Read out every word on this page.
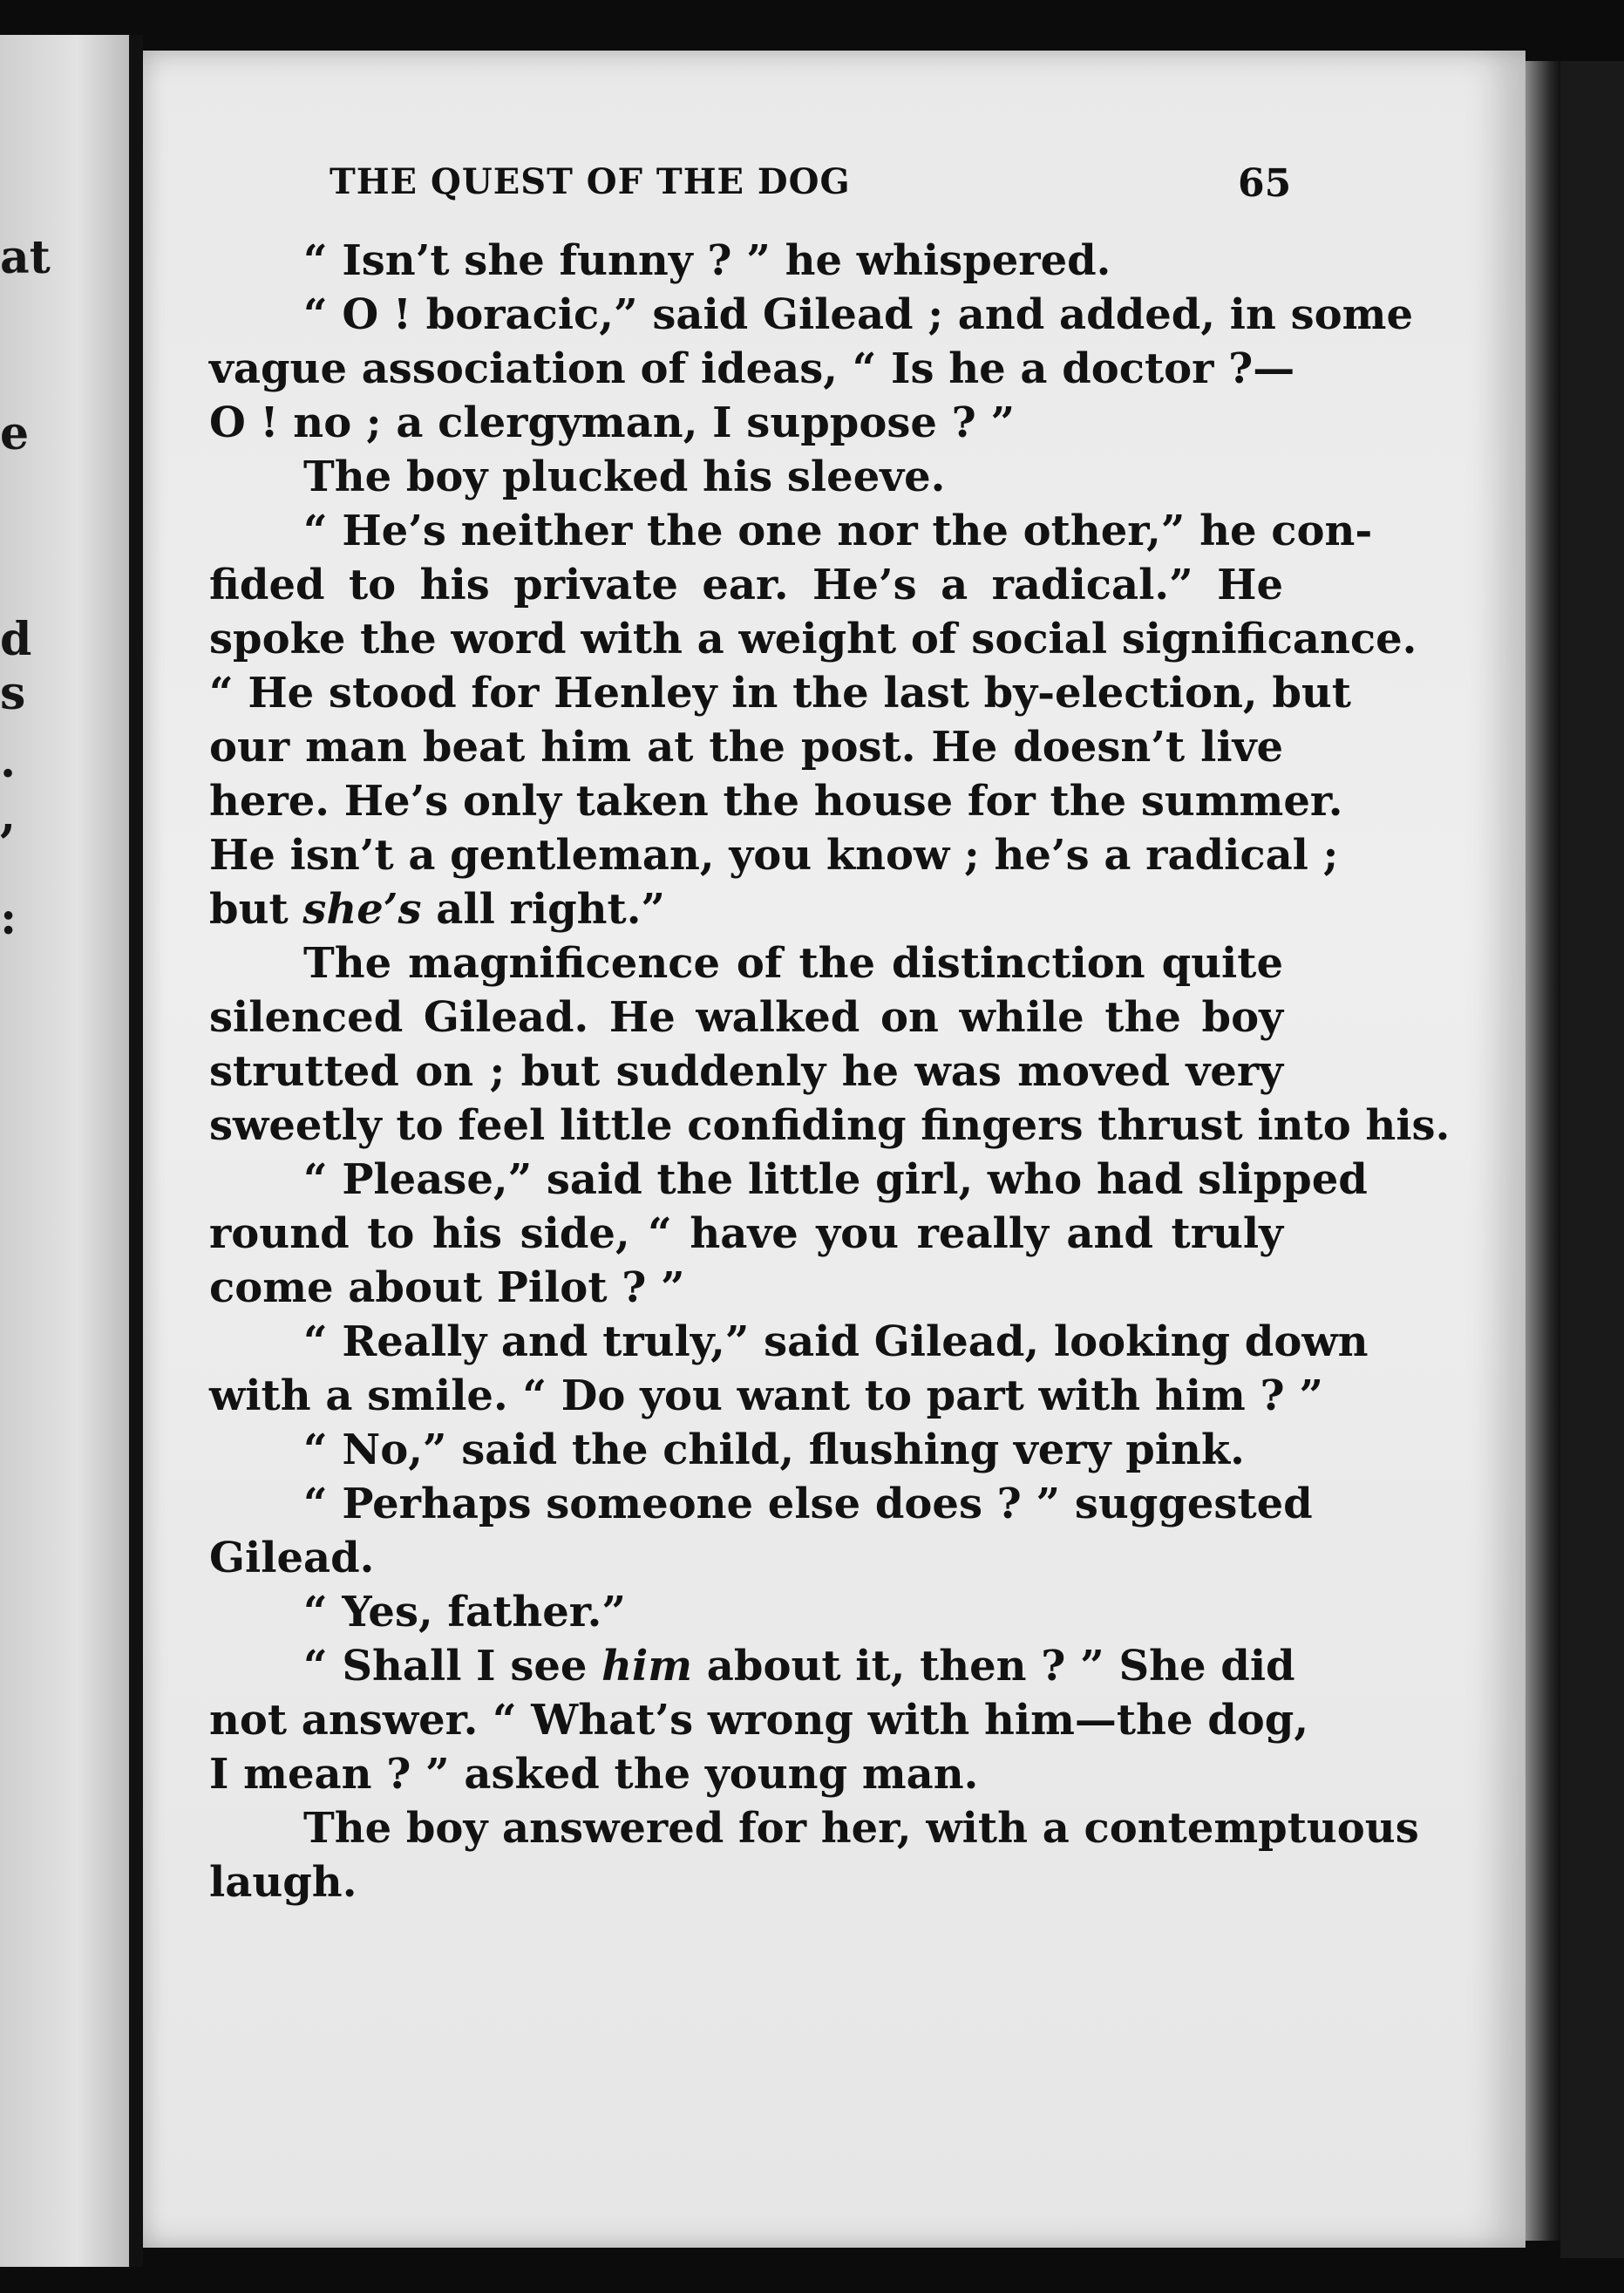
at
e
d
s
.
,
:
THE QUEST OF THE DOG	65
“ Isn’t she funny ? ” he whispered.
“ O ! boracic,” said Gilead ; and added, in some
vague association of ideas, “ Is he a doctor ?—
O ! no ; a clergyman, I suppose ? ”
The boy plucked his sleeve.
“ He’s neither the one nor the other,” he con-
fided to his private ear. He’s a radical.” He
spoke the word with a weight of social significance.
“ He stood for Henley in the last by-election, but
our man beat him at the post. He doesn’t live
here. He’s only taken the house for the summer.
He isn’t a gentleman, you know ; he’s a radical ;
but she’s all right.”
The magnificence of the distinction quite
silenced Gilead. He walked on while the boy
strutted on ; but suddenly he was moved very
sweetly to feel little confiding fingers thrust into his.
“ Please,” said the little girl, who had slipped
round to his side, “ have you really and truly
come about Pilot ? ”
“ Really and truly,” said Gilead, looking down
with a smile. “ Do you want to part with him ? ”
“ No,” said the child, flushing very pink.
“ Perhaps someone else does ? ” suggested
Gilead.
“ Yes, father.”
“ Shall I see him about it, then ? ” She did
not answer. “ What’s wrong with him—the dog,
I mean ? ” asked the young man.
The boy answered for her, with a contemptuous
laugh.
